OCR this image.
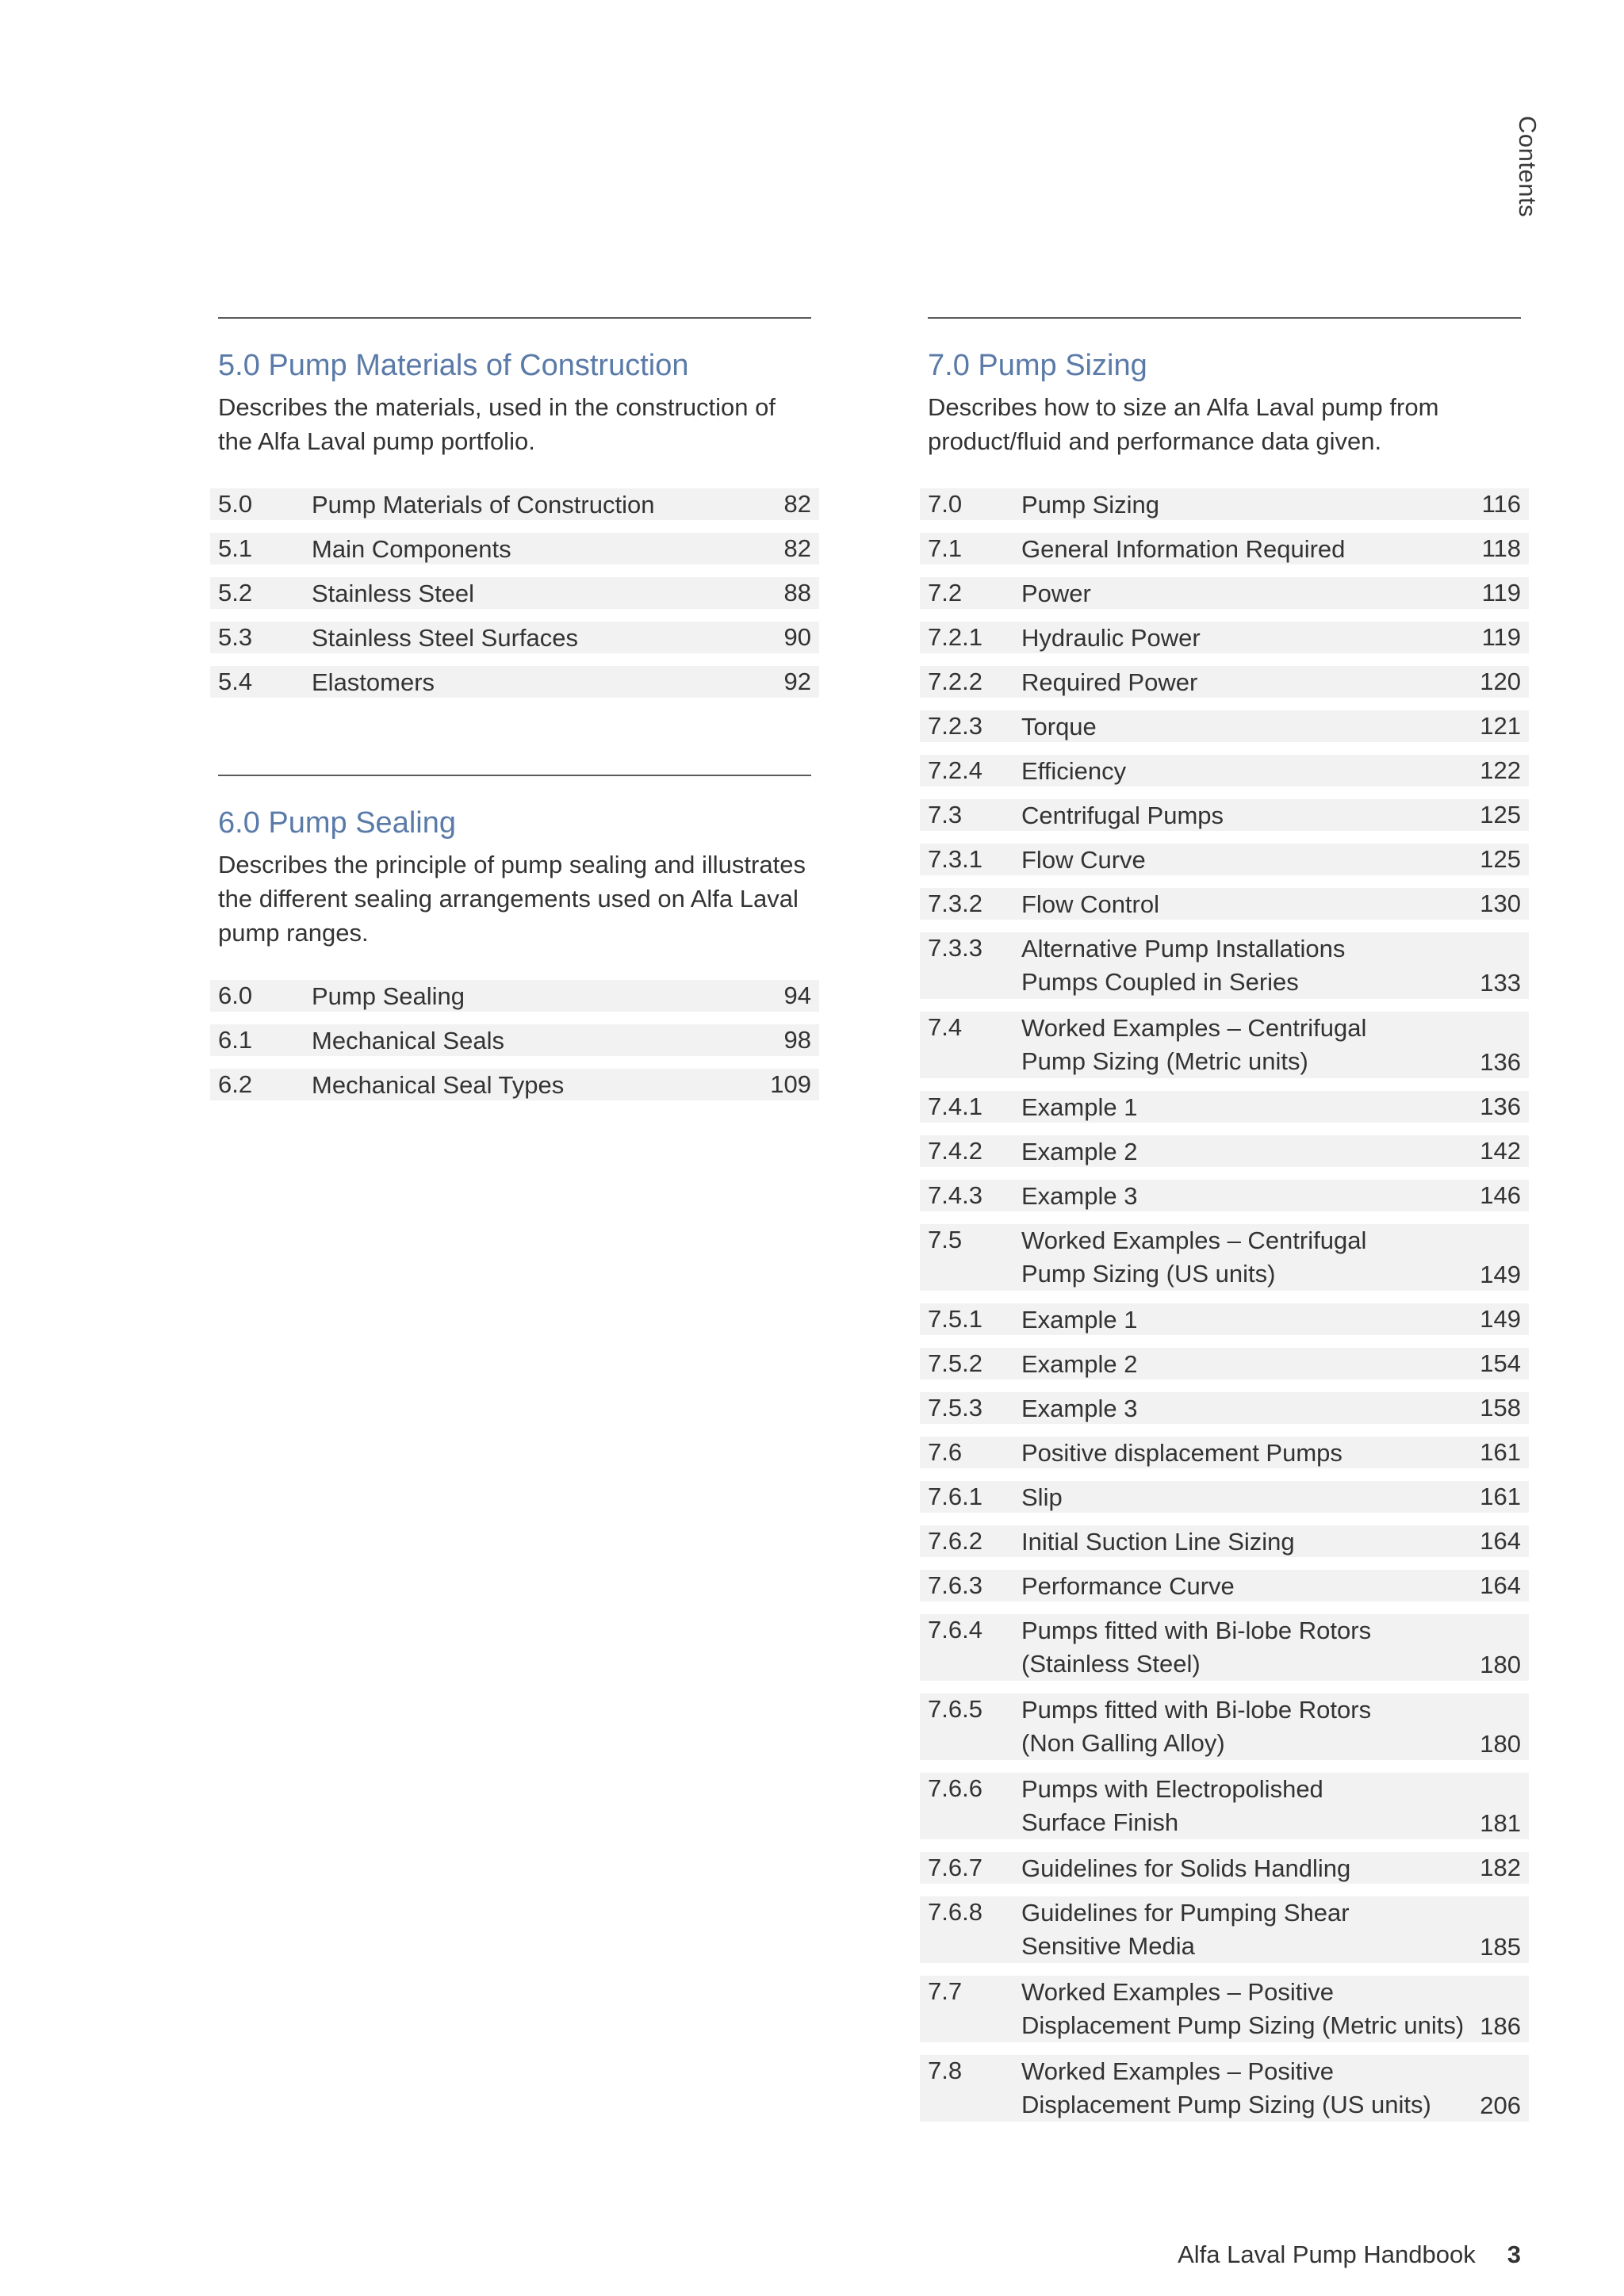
Contents
5.0 Pump Materials of Construction
Describes the materials, used in the construction of the Alfa Laval pump portfolio.
5.0 Pump Materials of Construction	82
5.1 Main Components	82
5.2 Stainless Steel	88
5.3 Stainless Steel Surfaces	90
5.4 Elastomers	92
6.0 Pump Sealing
Describes the principle of pump sealing and illustrates the different sealing arrangements used on Alfa Laval pump ranges.
6.0 Pump Sealing	94
6.1 Mechanical Seals	98
6.2 Mechanical Seal Types	109
7.0 Pump Sizing
Describes how to size an Alfa Laval pump from product/fluid and performance data given.
7.0 Pump Sizing	116
7.1 General Information Required	118
7.2 Power	119
7.2.1 Hydraulic Power	119
7.2.2 Required Power	120
7.2.3 Torque	121
7.2.4 Efficiency	122
7.3 Centrifugal Pumps	125
7.3.1 Flow Curve	125
7.3.2 Flow Control	130
7.3.3 Alternative Pump Installations
Pumps Coupled in Series	133
7.4 Worked Examples – Centrifugal
Pump Sizing (Metric units)	136
7.4.1 Example 1	136
7.4.2 Example 2	142
7.4.3 Example 3	146
7.5 Worked Examples – Centrifugal
Pump Sizing (US units)	149
7.5.1 Example 1	149
7.5.2 Example 2	154
7.5.3 Example 3	158
7.6 Positive displacement Pumps	161
7.6.1 Slip	161
7.6.2 Initial Suction Line Sizing	164
7.6.3 Performance Curve	164
7.6.4 Pumps fitted with Bi-lobe Rotors
(Stainless Steel)	180
7.6.5 Pumps fitted with Bi-lobe Rotors
(Non Galling Alloy)	180
7.6.6 Pumps with Electropolished
Surface Finish	181
7.6.7 Guidelines for Solids Handling	182
7.6.8 Guidelines for Pumping Shear
Sensitive Media	185
7.7 Worked Examples – Positive
Displacement Pump Sizing (Metric units) 186
7.8 Worked Examples – Positive
Displacement Pump Sizing (US units)	206
Alfa Laval Pump Handbook 3
